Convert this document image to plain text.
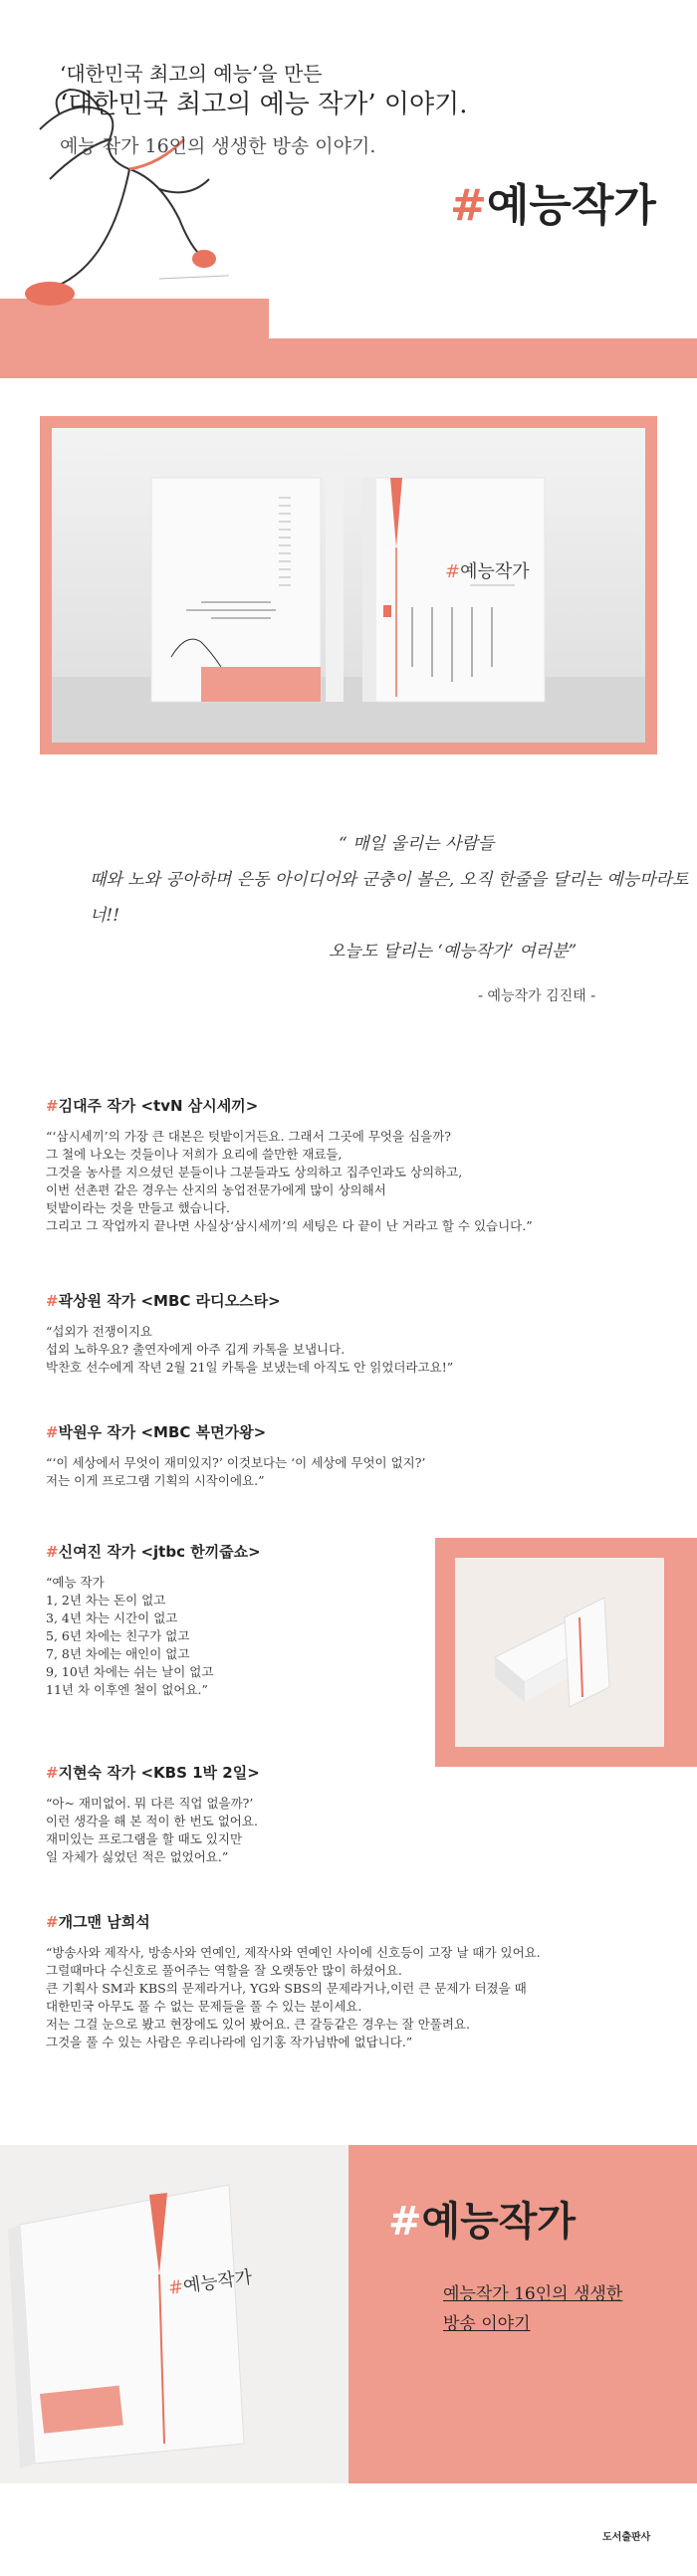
‘대한민국 최고의 예능’을 만든
‘대한민국 최고의 예능 작가’ 이야기.
예능 작가 16인의 생생한 방송 이야기.
#예능작가
#예능작가

“ 매일 울리는 사람들

때와 노와 공아하며 은동 아이디어와 군충이 볼은, 오직 한줄을 달리는 예능마라토너!!

오늘도 달리는 ‘예능작가’ 여러분”

- 예능작가 김진태 -
#김대주 작가 <tvN 삼시세끼>
“‘삼시세끼’의 가장 큰 대본은 텃밭이거든요. 그래서 그곳에 무엇을 심을까?
그 철에 나오는 것들이나 저희가 요리에 쓸만한 재료들,
그것을 농사를 지으셨던 분들이나 그분들과도 상의하고 집주인과도 상의하고,
이번 선촌편 같은 경우는 산지의 농업전문가에게 많이 상의해서
텃밭이라는 것을 만들고 했습니다.
그리고 그 작업까지 끝나면 사실상‘삼시세끼’의 세팅은 다 끝이 난 거라고 할 수 있습니다.”
#곽상원 작가 <MBC 라디오스타>
“섭외가 전쟁이지요
섭외 노하우요? 출연자에게 아주 깁게 카톡을 보냅니다.
박찬호 선수에게 작년 2월 21일 카톡을 보냈는데 아직도 안 읽었더라고요!”
#박원우 작가 <MBC 복면가왕>
“‘이 세상에서 무엇이 재미있지?’ 이것보다는 ‘이 세상에 무엇이 없지?’
저는 이게 프로그램 기획의 시작이에요.”
#신여진 작가 <jtbc 한끼줍쇼>
“예능 작가
1, 2년 차는 돈이 없고
3, 4년 차는 시간이 없고
5, 6년 차에는 친구가 없고
7, 8년 차에는 애인이 없고
9, 10년 차에는 쉬는 날이 없고
11년 차 이후엔 철이 없어요.”
#지현숙 작가 <KBS 1박 2일>
“아~ 재미없어. 뭐 다른 직업 없을까?’
이런 생각을 해 본 적이 한 번도 없어요.
재미있는 프로그램을 할 때도 있지만
일 자체가 싫었던 적은 없었어요.”
#개그맨 남희석
“방송사와 제작사, 방송사와 연예인, 제작사와 연예인 사이에 신호등이 고장 날 때가 있어요.
그럴때마다 수신호로 풀어주는 역할을 잘 오랫동안 많이 하셨어요.
큰 기획사 SM과 KBS의 문제라거나, YG와 SBS의 문제라거나,이런 큰 문제가 터졌을 때
대한민국 아무도 풀 수 없는 문제들을 풀 수 있는 분이세요.
저는 그걸 눈으로 봤고 현장에도 있어 봤어요. 큰 갈등같은 경우는 잘 안풀려요.
그것을 풀 수 있는 사람은 우리나라에 임기홍 작가님밖에 없답니다.”
#예능작가
#예능작가
예능작가 16인의 생생한
방송 이야기
도서출판사
